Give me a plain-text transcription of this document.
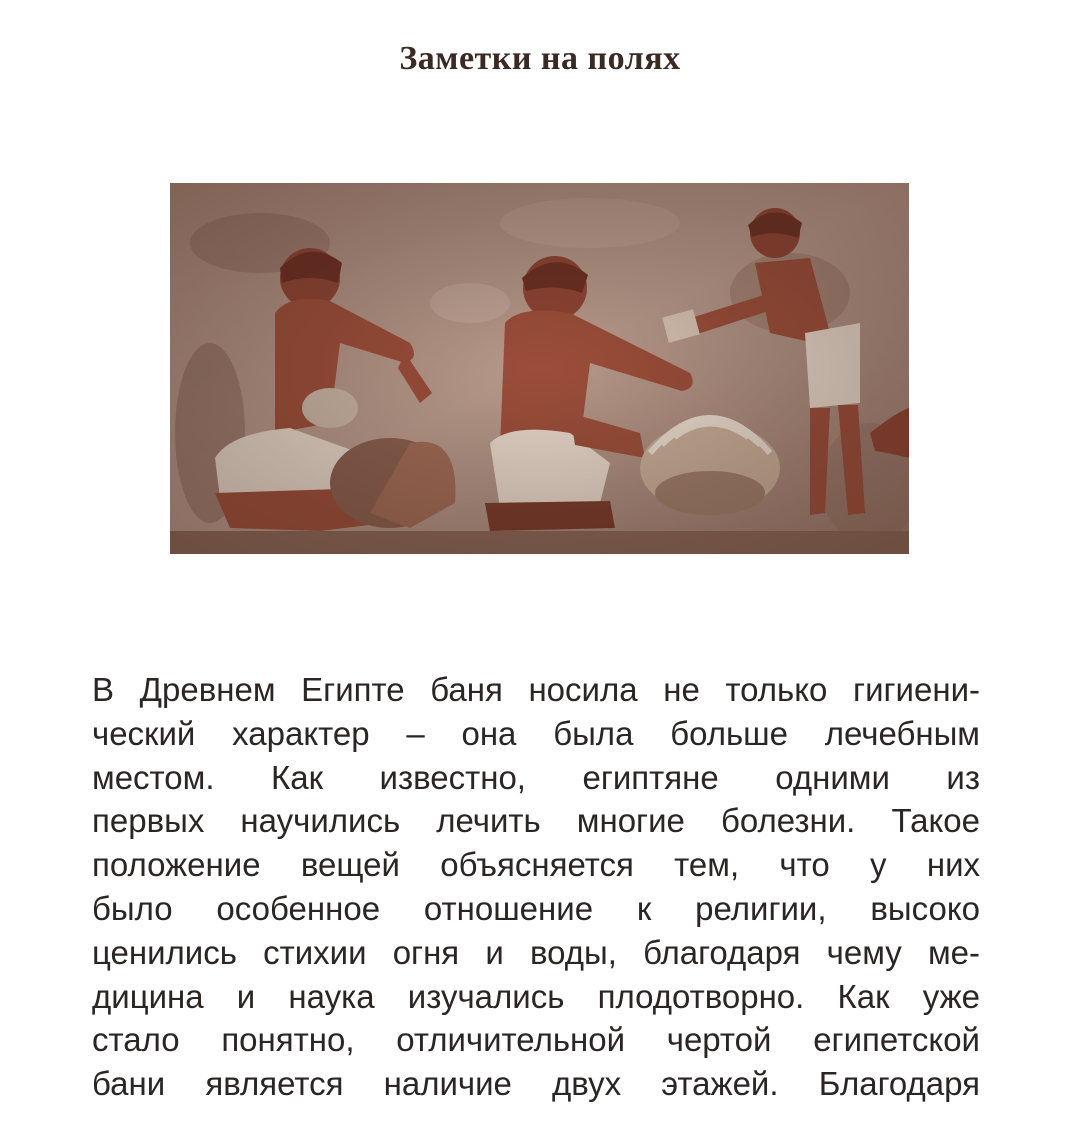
Заметки на полях
В Древнем Египте баня носила не только гигиени-
ческий характер – она была больше лечебным
местом. Как известно, египтяне одними из
первых научились лечить многие болезни. Такое
положение вещей объясняется тем, что у них
было особенное отношение к религии, высоко
ценились стихии огня и воды, благодаря чему ме-
дицина и наука изучались плодотворно. Как уже
стало понятно, отличительной чертой египетской
бани является наличие двух этажей. Благодаря
